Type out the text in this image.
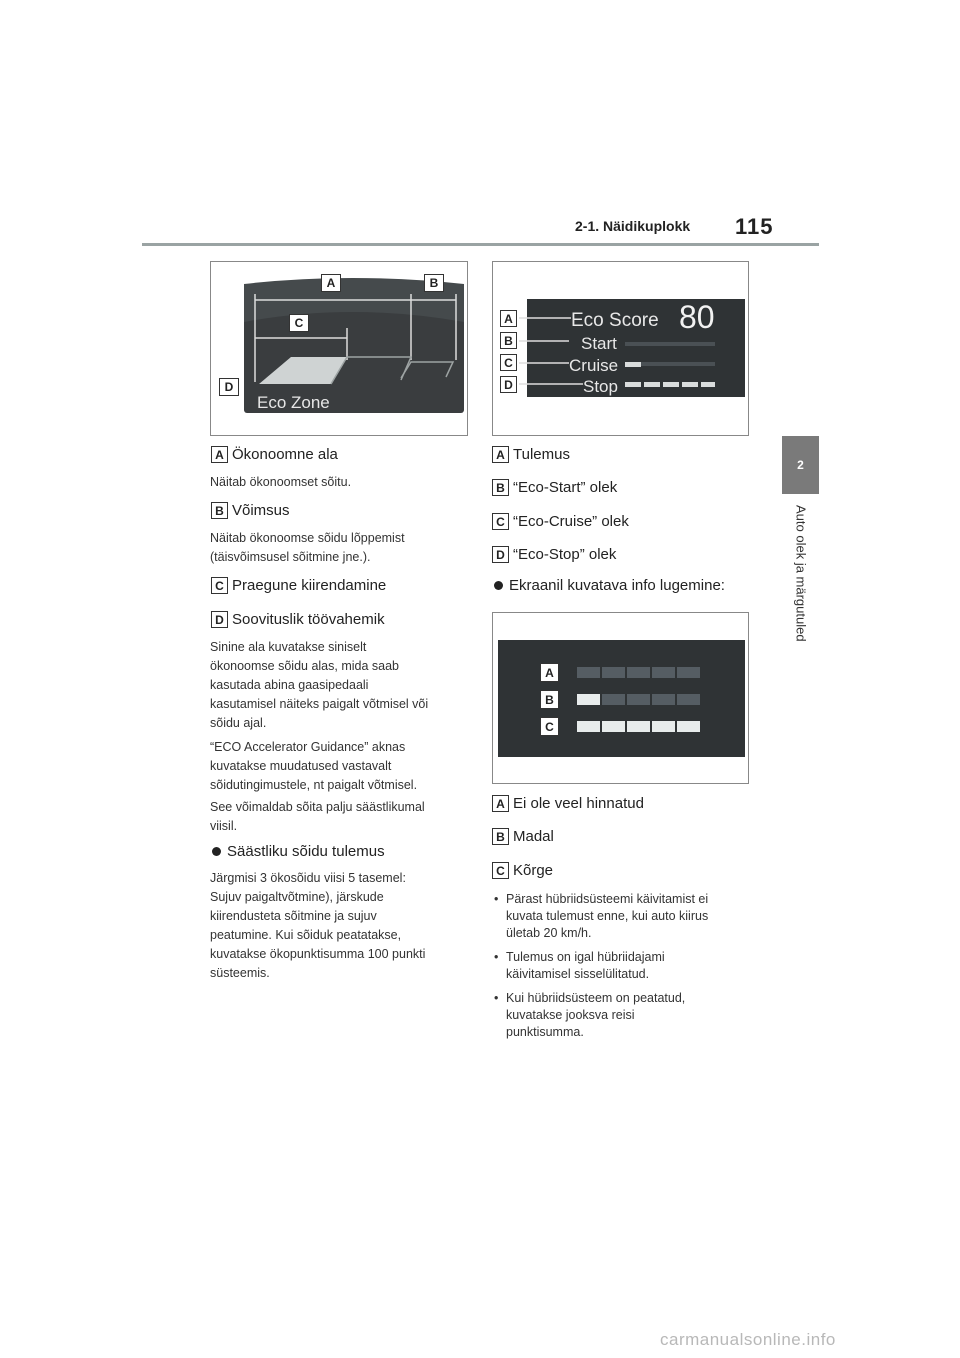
2-1. Näidikuplokk 115
2
Auto olek ja märgutuled
Eco Zone
A	B
C
D
Eco Score 80
Start
Cruise
Stop
A
B
C
D
A
B
C
A Ökonoomne ala
Näitab ökonoomset sõitu.
B Võimsus
Näitab ökonoomse sõidu lõppemist
(täisvõimsusel sõitmine jne.).
C Praegune kiirendamine
D Soovituslik töövahemik
Sinine ala kuvatakse siniselt
ökonoomse sõidu alas, mida saab
kasutada abina gaasipedaali
kasutamisel näiteks paigalt võtmisel või
sõidu ajal.
“ECO Accelerator Guidance” aknas
kuvatakse muudatused vastavalt
sõidutingimustele, nt paigalt võtmisel.
See võimaldab sõita palju säästlikumal
viisil.
Säästliku sõidu tulemus
Järgmisi 3 ökosõidu viisi 5 tasemel:
Sujuv paigaltvõtmine), järskude
kiirendusteta sõitmine ja sujuv
peatumine. Kui sõiduk peatatakse,
kuvatakse ökopunktisumma 100 punkti
süsteemis.
A Tulemus
B “Eco-Start” olek
C “Eco-Cruise” olek
D “Eco-Stop” olek
Ekraanil kuvatava info lugemine:
A Ei ole veel hinnatud
B Madal
C Kõrge
• Pärast hübriidsüsteemi käivitamist ei
kuvata tulemust enne, kui auto kiirus
ületab 20 km/h.
• Tulemus on igal hübriidajami
käivitamisel sisselülitatud.
• Kui hübriidsüsteem on peatatud,
kuvatakse jooksva reisi
punktisumma.
carmanualsonline.info
